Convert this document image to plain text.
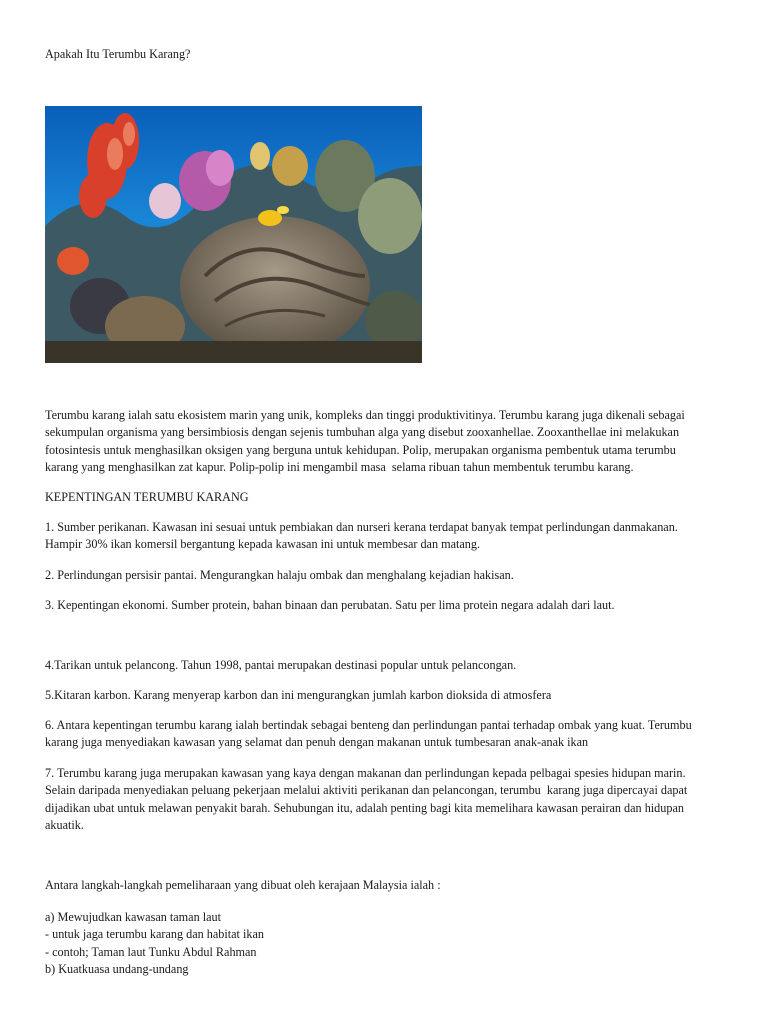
Apakah Itu Terumbu Karang?

Terumbu karang ialah satu ekosistem marin yang unik, kompleks dan tinggi produktivitinya. Terumbu karang juga dikenali sebagai
sekumpulan organisma yang bersimbiosis dengan sejenis tumbuhan alga yang disebut zooxanhellae. Zooxanthellae ini melakukan
fotosintesis untuk menghasilkan oksigen yang berguna untuk kehidupan. Polip, merupakan organisma pembentuk utama terumbu
karang yang menghasilkan zat kapur. Polip-polip ini mengambil masa  selama ribuan tahun membentuk terumbu karang.

KEPENTINGAN TERUMBU KARANG

1. Sumber perikanan. Kawasan ini sesuai untuk pembiakan dan nurseri kerana terdapat banyak tempat perlindungan danmakanan.
Hampir 30% ikan komersil bergantung kepada kawasan ini untuk membesar dan matang.

2. Perlindungan persisir pantai. Mengurangkan halaju ombak dan menghalang kejadian hakisan.

3. Kepentingan ekonomi. Sumber protein, bahan binaan dan perubatan. Satu per lima protein negara adalah dari laut.

4.Tarikan untuk pelancong. Tahun 1998, pantai merupakan destinasi popular untuk pelancongan.

5.Kitaran karbon. Karang menyerap karbon dan ini mengurangkan jumlah karbon dioksida di atmosfera

6. Antara kepentingan terumbu karang ialah bertindak sebagai benteng dan perlindungan pantai terhadap ombak yang kuat. Terumbu
karang juga menyediakan kawasan yang selamat dan penuh dengan makanan untuk tumbesaran anak-anak ikan

7. Terumbu karang juga merupakan kawasan yang kaya dengan makanan dan perlindungan kepada pelbagai spesies hidupan marin.
Selain daripada menyediakan peluang pekerjaan melalui aktiviti perikanan dan pelancongan, terumbu  karang juga dipercayai dapat
dijadikan ubat untuk melawan penyakit barah. Sehubungan itu, adalah penting bagi kita memelihara kawasan perairan dan hidupan
akuatik.

Antara langkah-langkah pemeliharaan yang dibuat oleh kerajaan Malaysia ialah :

a) Mewujudkan kawasan taman laut
- untuk jaga terumbu karang dan habitat ikan
- contoh; Taman laut Tunku Abdul Rahman
b) Kuatkuasa undang-undang
